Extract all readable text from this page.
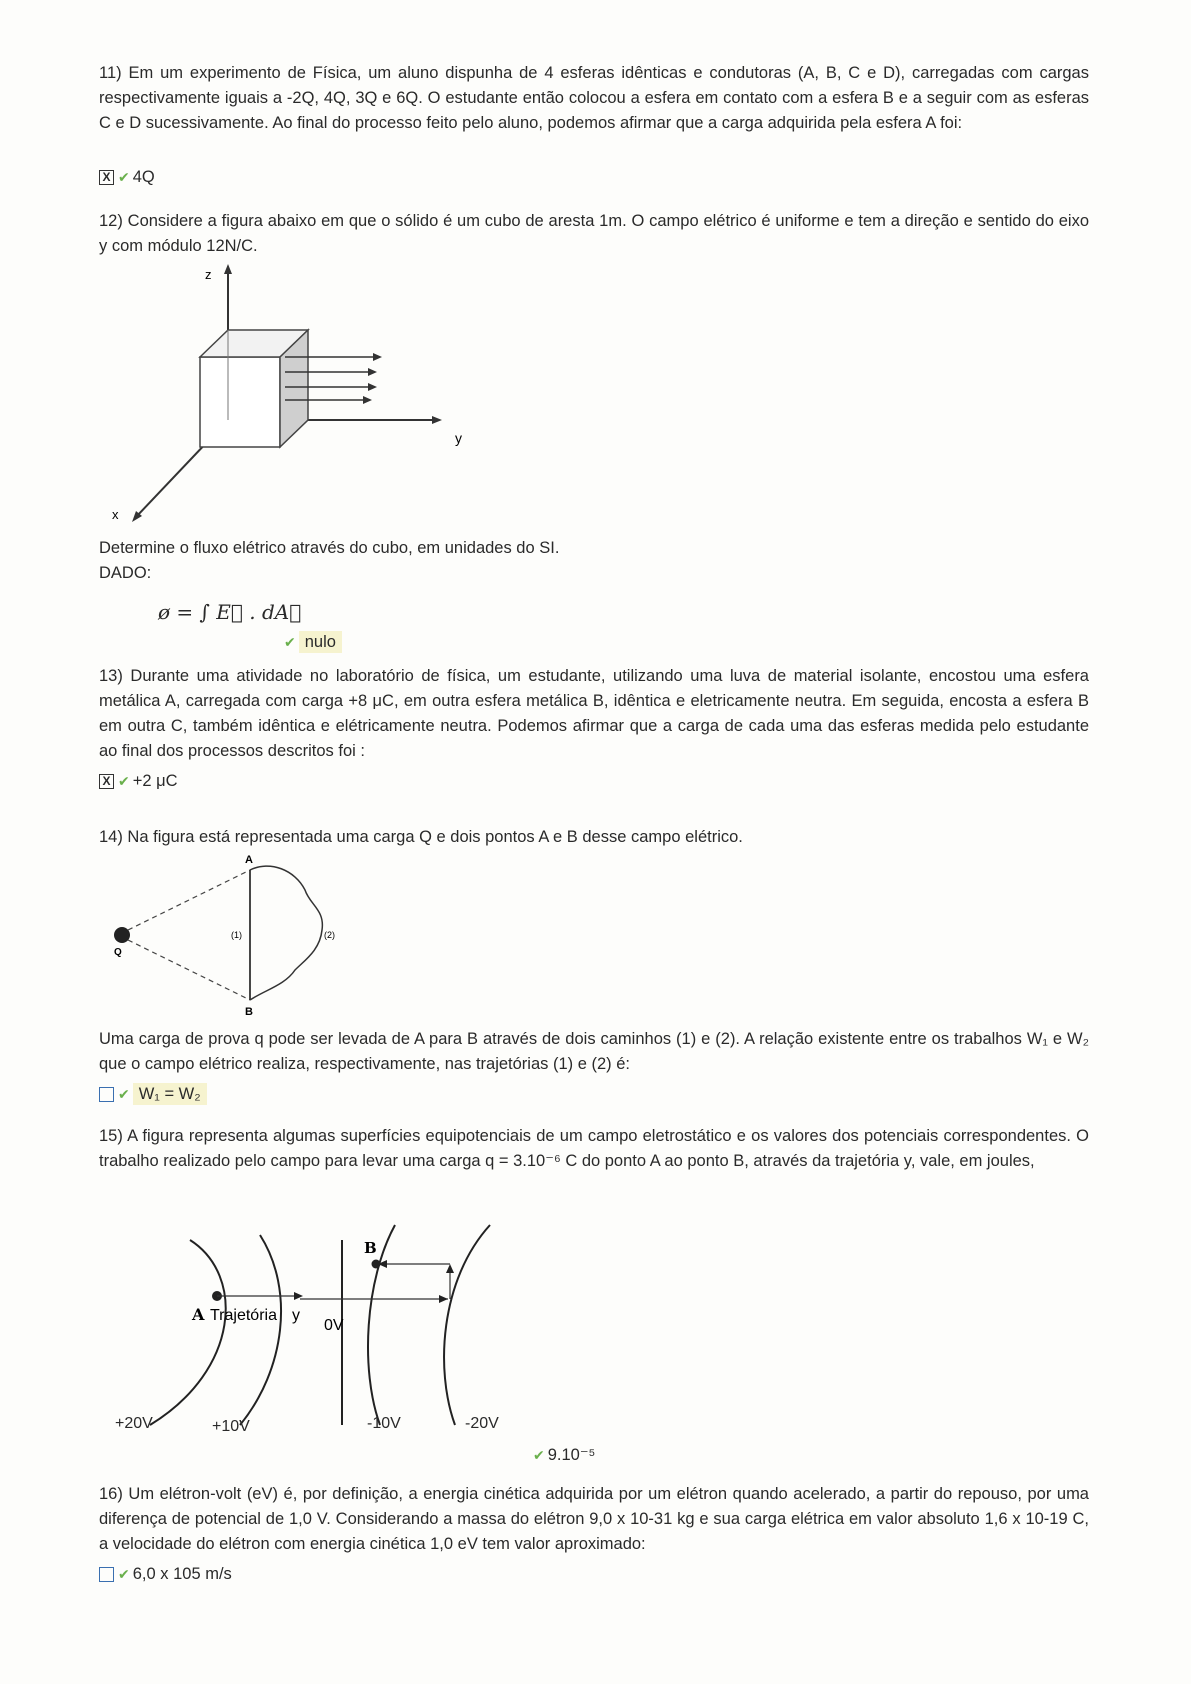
11) Em um experimento de Física, um aluno dispunha de 4 esferas idênticas e condutoras (A, B, C e D), carregadas com cargas respectivamente iguais a -2Q, 4Q, 3Q e 6Q. O estudante então colocou a esfera em contato com a esfera B e a seguir com as esferas C e D sucessivamente. Ao final do processo feito pelo aluno, podemos afirmar que a carga adquirida pela esfera A foi:
X ✔ 4Q
12) Considere a figura abaixo em que o sólido é um cubo de aresta 1m. O campo elétrico é uniforme e tem a direção e sentido do eixo y com módulo 12N/C.
z
y
x
Determine o fluxo elétrico através do cubo, em unidades do SI.
DADO:
ø = ∫ E⃗ . dA⃗
✔ nulo
13) Durante uma atividade no laboratório de física, um estudante, utilizando uma luva de material isolante, encostou uma esfera metálica A, carregada com carga +8 μC, em outra esfera metálica B, idêntica e eletricamente neutra. Em seguida, encosta a esfera B em outra C, também idêntica e elétricamente neutra. Podemos afirmar que a carga de cada uma das esferas medida pelo estudante ao final dos processos descritos foi :
X ✔ +2 μC
14) Na figura está representada uma carga Q e dois pontos A e B desse campo elétrico.
A
B
Q
(1)	(2)
Uma carga de prova q pode ser levada de A para B através de dois caminhos (1) e (2). A relação existente entre os trabalhos W₁ e W₂ que o campo elétrico realiza, respectivamente, nas trajetórias (1) e (2) é:
✔ W₁ = W₂
15) A figura representa algumas superfícies equipotenciais de um campo eletrostático e os valores dos potenciais correspondentes. O trabalho realizado pelo campo para levar uma carga q = 3.10⁻⁶ C do ponto A ao ponto B, através da trajetória y, vale, em joules,
A Trajetória y
B
0V
+20V	+10V	-10V	-20V
✔ 9.10⁻⁵
16) Um elétron-volt (eV) é, por definição, a energia cinética adquirida por um elétron quando acelerado, a partir do repouso, por uma diferença de potencial de 1,0 V. Considerando a massa do elétron 9,0 x 10-31 kg e sua carga elétrica em valor absoluto 1,6 x 10-19 C, a velocidade do elétron com energia cinética 1,0 eV tem valor aproximado:
✔ 6,0 x 105 m/s
